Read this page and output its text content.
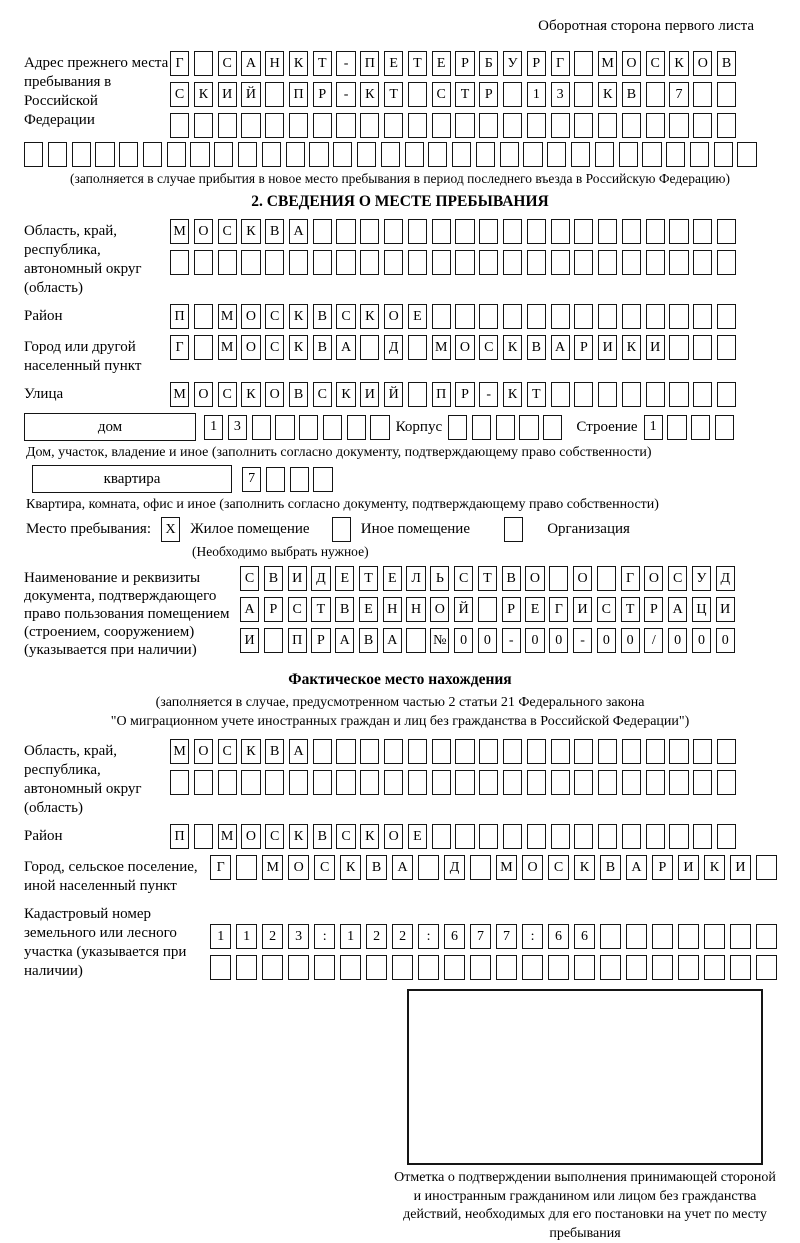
Оборотная сторона первого листа
Адрес прежнего места пребывания в Российской Федерации
Г	С	А Н	К	Т	-	П	Е	Т	Е	Р	Б	У	Р	Г	М О	С	К	О	В
С	К	И Й	П	Р	-	К	Т	С	Т	Р	1	3	К	В	7
(заполняется в случае прибытия в новое место пребывания в период последнего въезда в Российскую Федерацию)
2. СВЕДЕНИЯ О МЕСТЕ ПРЕБЫВАНИЯ
Область, край, республика, автономный округ (область)
М О	С	К	В	А
Район	П	М О	С	К	В	С	К	О	Е
Город или другой населенный пункт
Г	М О	С	К	В	А	Д	М О	С	К	В	А	Р	И	К	И
Улица	М О	С	К	О	В	С	К	И Й	П	Р	-	К	Т
дом	1	3	Корпус	Строение 1
Дом, участок, владение и иное (заполнить согласно документу, подтверждающему право собственности)
квартира	7
Квартира, комната, офис и иное (заполнить согласно документу, подтверждающему право собственности)
Место пребывания:	X Жилое помещение	Иное помещение	Организация
(Необходимо выбрать нужное)
Наименование и реквизиты документа, подтверждающего право пользования помещением (строением, сооружением) (указывается при наличии)
С	В	И Д	Е	Т	Е	Л	Ь	С	Т	В	О	О	Г	О	С	У	Д
А	Р	С	Т	В	Е	Н Н О Й	Р	Е	Г	И	С	Т	Р	А Ц И
И	П	Р	А	В	А	№ 0	0	-	0	0	-	0	0	/	0	0	0
Фактическое место нахождения
(заполняется в случае, предусмотренном частью 2 статьи 21 Федерального закона
"О миграционном учете иностранных граждан и лиц без гражданства в Российской Федерации")
Область, край, республика, автономный округ (область)
М О	С	К	В	А
Район	П	М О	С	К	В	С	К	О	Е
Город, сельское поселение, иной населенный пункт
Г	М	О	С	К	В	А	Д	М	О	С	К	В	А	Р	И	К	И
Кадастровый номер земельного или лесного участка (указывается при наличии)
1	1	2	3	:	1	2	2	:	6	7	7	:	6	6
Отметка о подтверждении выполнения принимающей стороной и иностранным гражданином или лицом без гражданства действий, необходимых для его постановки на учет по месту пребывания
